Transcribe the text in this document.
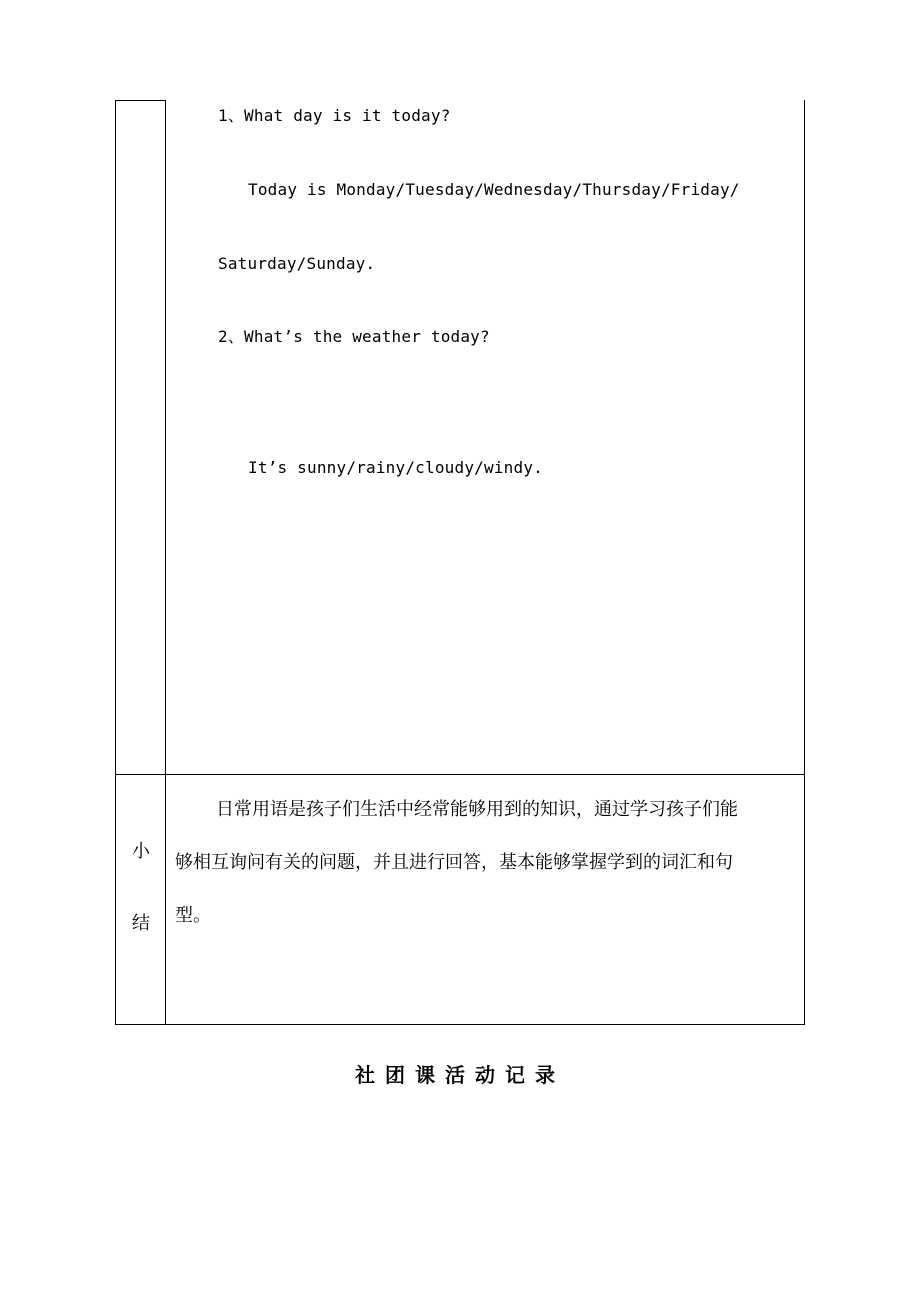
1、What day is it today?
Today is Monday/Tuesday/Wednesday/Thursday/Friday/
Saturday/Sunday.
2、What’s the weather today?
It’s sunny/rainy/cloudy/windy.
小
结
日常用语是孩子们生活中经常能够用到的知识，通过学习孩子们能
够相互询问有关的问题，并且进行回答，基本能够掌握学到的词汇和句
型。
社团课活动记录
